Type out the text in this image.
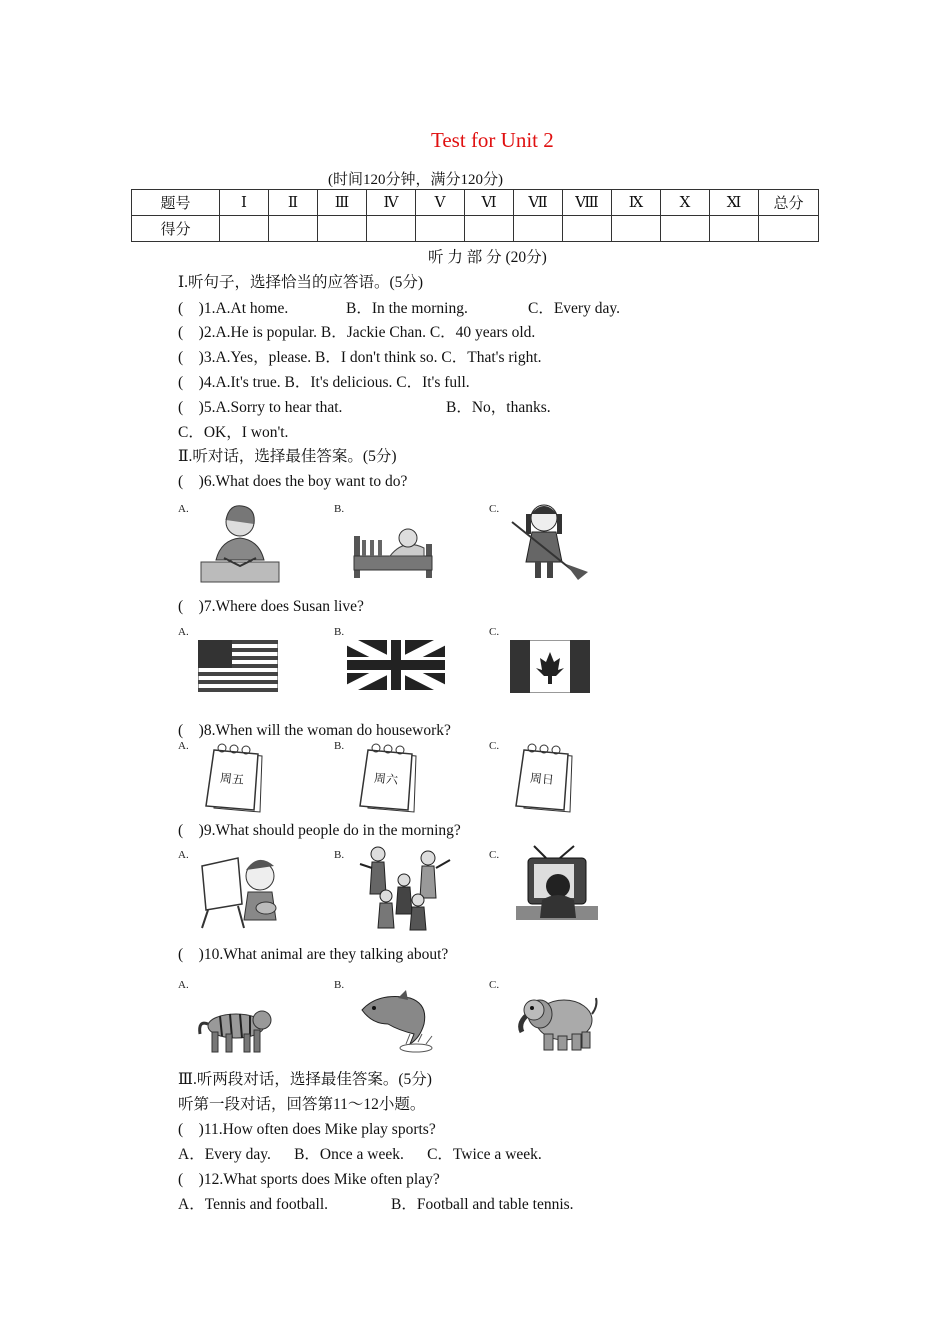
Test for Unit 2
(时间120分钟，满分120分)
题号	Ⅰ	Ⅱ	Ⅲ	Ⅳ	Ⅴ	Ⅵ	Ⅶ	Ⅷ	Ⅸ	Ⅹ	Ⅺ	总分
得分												
听 力 部 分 (20分)
Ⅰ.听句子，选择恰当的应答语。(5分)
(　)1.A.At home.	B．In the morning.	C．Every day.
(　)2.A.He is popular. B．Jackie Chan. C．40 years old.
(　)3.A.Yes，please. B．I don't think so. C．That's right.
(　)4.A.It's true. B．It's delicious. C．It's full.
(　)5.A.Sorry to hear that.	B．No，thanks.
C．OK，I won't.
Ⅱ.听对话，选择最佳答案。(5分)
(　)6.What does the boy want to do?
A.	B.	C.
(　)7.Where does Susan live?
A.	B.	C.
(　)8.When will the woman do housework?
A.	B.	C.
周五	周六	周日
(　)9.What should people do in the morning?
A.	B.	C.
(　)10.What animal are they talking about?
A.	B.	C.
Ⅲ.听两段对话，选择最佳答案。(5分)
听第一段对话，回答第11～12小题。
(　)11.How often does Mike play sports?
A．Every day.      B．Once a week.      C．Twice a week.
(　)12.What sports does Mike often play?
A．Tennis and football.	B．Football and table tennis.
